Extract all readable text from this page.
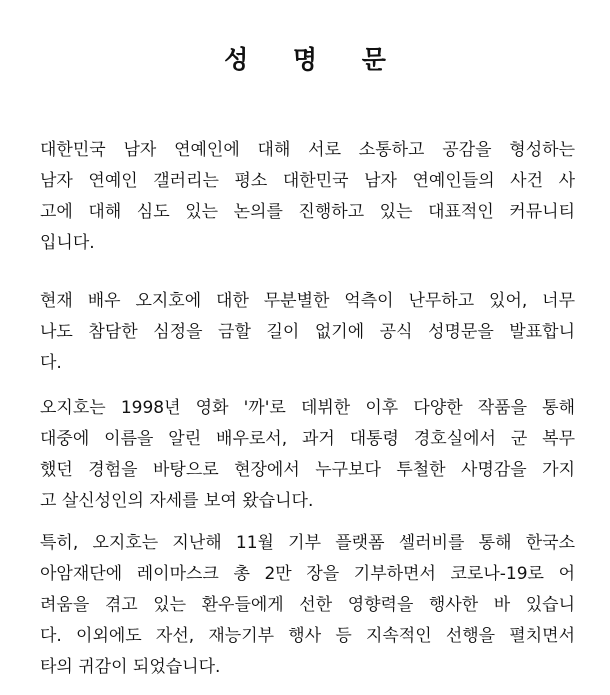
성 명 문
대한민국 남자 연예인에 대해 서로 소통하고 공감을 형성하는
남자 연예인 갤러리는 평소 대한민국 남자 연예인들의 사건 사
고에 대해 심도 있는 논의를 진행하고 있는 대표적인 커뮤니티
입니다.
현재 배우 오지호에 대한 무분별한 억측이 난무하고 있어, 너무
나도 참담한 심정을 금할 길이 없기에 공식 성명문을 발표합니
다.
오지호는 1998년 영화 '까'로 데뷔한 이후 다양한 작품을 통해
대중에 이름을 알린 배우로서, 과거 대통령 경호실에서 군 복무
했던 경험을 바탕으로 현장에서 누구보다 투철한 사명감을 가지
고 살신성인의 자세를 보여 왔습니다.
특히, 오지호는 지난해 11월 기부 플랫폼 셀러비를 통해 한국소
아암재단에 레이마스크 총 2만 장을 기부하면서 코로나-19로 어
려움을 겪고 있는 환우들에게 선한 영향력을 행사한 바 있습니
다. 이외에도 자선, 재능기부 행사 등 지속적인 선행을 펼치면서
타의 귀감이 되었습니다.
